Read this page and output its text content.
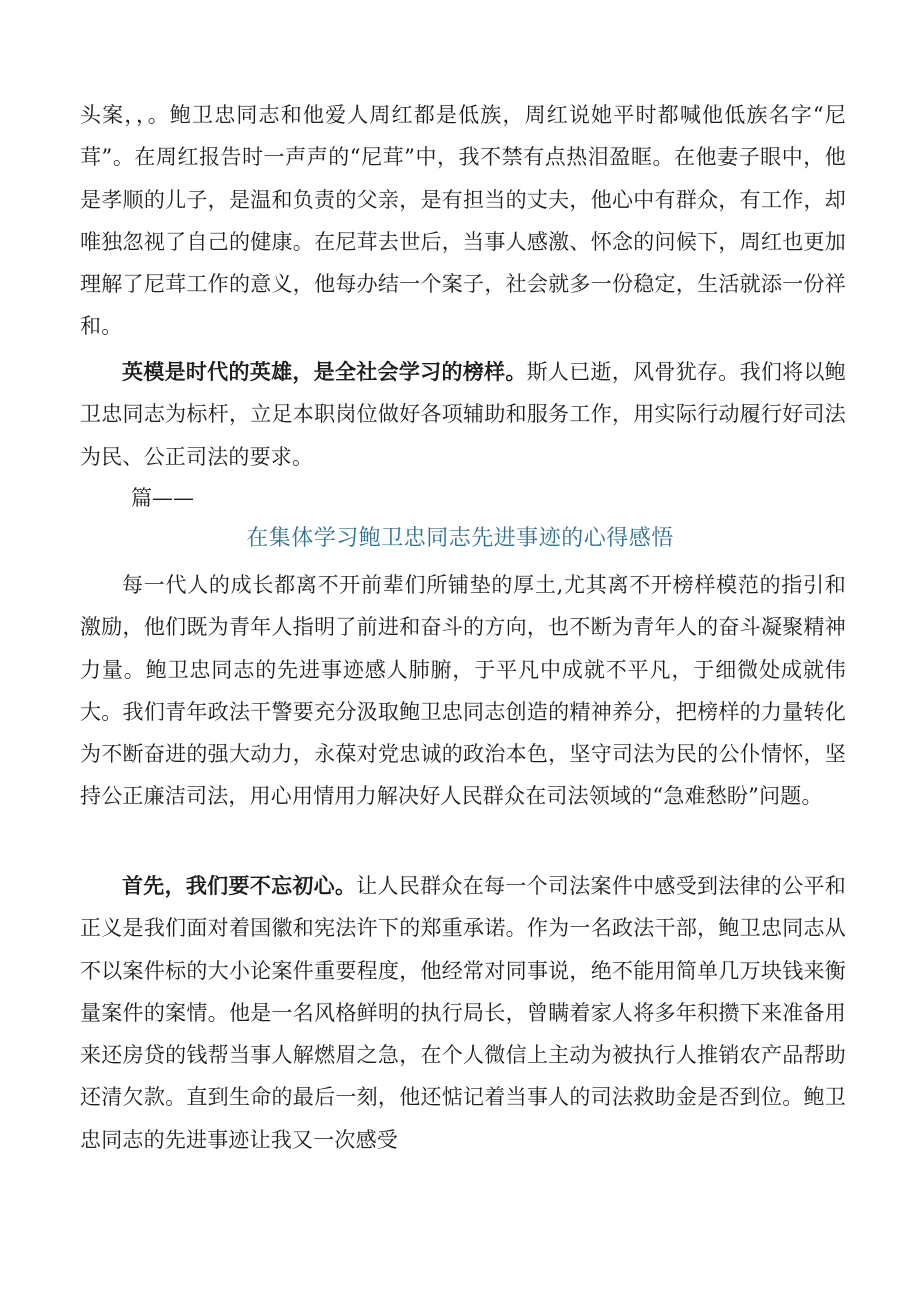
头案，，。鲍卫忠同志和他爱人周红都是低族，周红说她平时都喊他低族名字“尼茸”。在周红报告时一声声的“尼茸”中，我不禁有点热泪盈眶。在他妻子眼中，他是孝顺的儿子，是温和负责的父亲，是有担当的丈夫，他心中有群众，有工作，却唯独忽视了自己的健康。在尼茸去世后，当事人感激、怀念的问候下，周红也更加理解了尼茸工作的意义，他每办结一个案子，社会就多一份稳定，生活就添一份祥和。

英模是时代的英雄，是全社会学习的榜样。斯人已逝，风骨犹存。我们将以鲍卫忠同志为标杆，立足本职岗位做好各项辅助和服务工作，用实际行动履行好司法为民、公正司法的要求。

篇——

在集体学习鲍卫忠同志先进事迹的心得感悟

每一代人的成长都离不开前辈们所铺垫的厚土,尤其离不开榜样模范的指引和激励，他们既为青年人指明了前进和奋斗的方向，也不断为青年人的奋斗凝聚精神力量。鲍卫忠同志的先进事迹感人肺腑，于平凡中成就不平凡，于细微处成就伟大。我们青年政法干警要充分汲取鲍卫忠同志创造的精神养分，把榜样的力量转化为不断奋进的强大动力，永葆对党忠诚的政治本色，坚守司法为民的公仆情怀，坚持公正廉洁司法，用心用情用力解决好人民群众在司法领域的“急难愁盼”问题。

首先，我们要不忘初心。让人民群众在每一个司法案件中感受到法律的公平和正义是我们面对着国徽和宪法许下的郑重承诺。作为一名政法干部，鲍卫忠同志从不以案件标的大小论案件重要程度，他经常对同事说，绝不能用简单几万块钱来衡量案件的案情。他是一名风格鲜明的执行局长，曾瞒着家人将多年积攒下来准备用来还房贷的钱帮当事人解燃眉之急，在个人微信上主动为被执行人推销农产品帮助还清欠款。直到生命的最后一刻，他还惦记着当事人的司法救助金是否到位。鲍卫忠同志的先进事迹让我又一次感受
